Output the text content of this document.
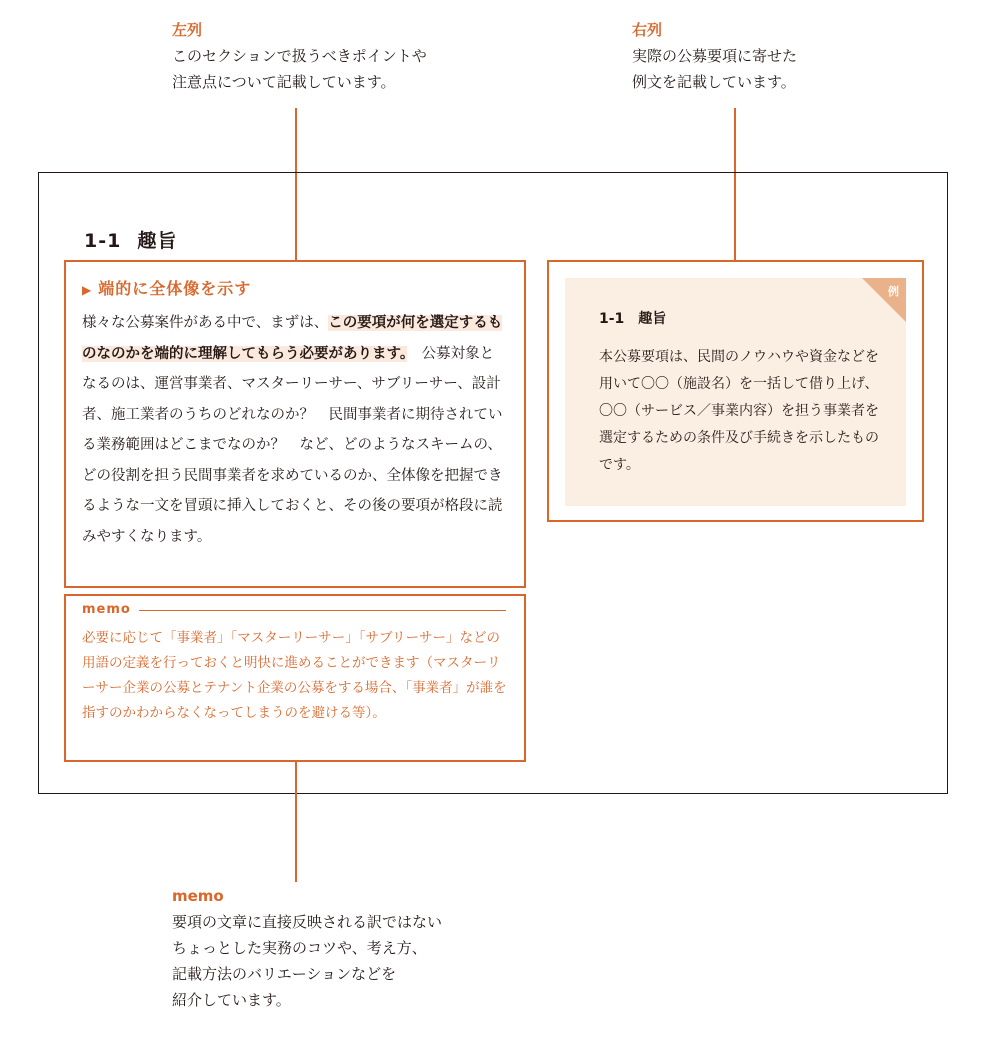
左列
このセクションで扱うべきポイントや
注意点について記載しています。
右列
実際の公募要項に寄せた
例文を記載しています。
1-1 趣旨
▶ 端的に全体像を示す
様々な公募案件がある中で、まずは、この要項が何を選定するものなのかを端的に理解してもらう必要があります。　 公募対象となるのは、運営事業者、マスターリーサー、サブリーサー、設計者、施工業者のうちのどれなのか？　民間事業者に期待されている業務範囲はどこまでなのか？　など、どのようなスキームの、どの役割を担う民間事業者を求めているのか、全体像を把握できるような一文を冒頭に挿入しておくと、その後の要項が格段に読みやすくなります。
memo
必要に応じて「事業者」「マスターリーサー」「サブリーサー」などの用語の定義を行っておくと明快に進めることができます（マスターリーサー企業の公募とテナント企業の公募をする場合、「事業者」が誰を指すのかわからなくなってしまうのを避ける等）。
例
1-1 趣旨
本公募要項は、民間のノウハウや資金などを用いて〇〇（施設名）を一括して借り上げ、〇〇（サービス／事業内容）を担う事業者を選定するための条件及び手続きを示したものです。
memo
要項の文章に直接反映される訳ではない
ちょっとした実務のコツや、考え方、
記載方法のバリエーションなどを
紹介しています。
